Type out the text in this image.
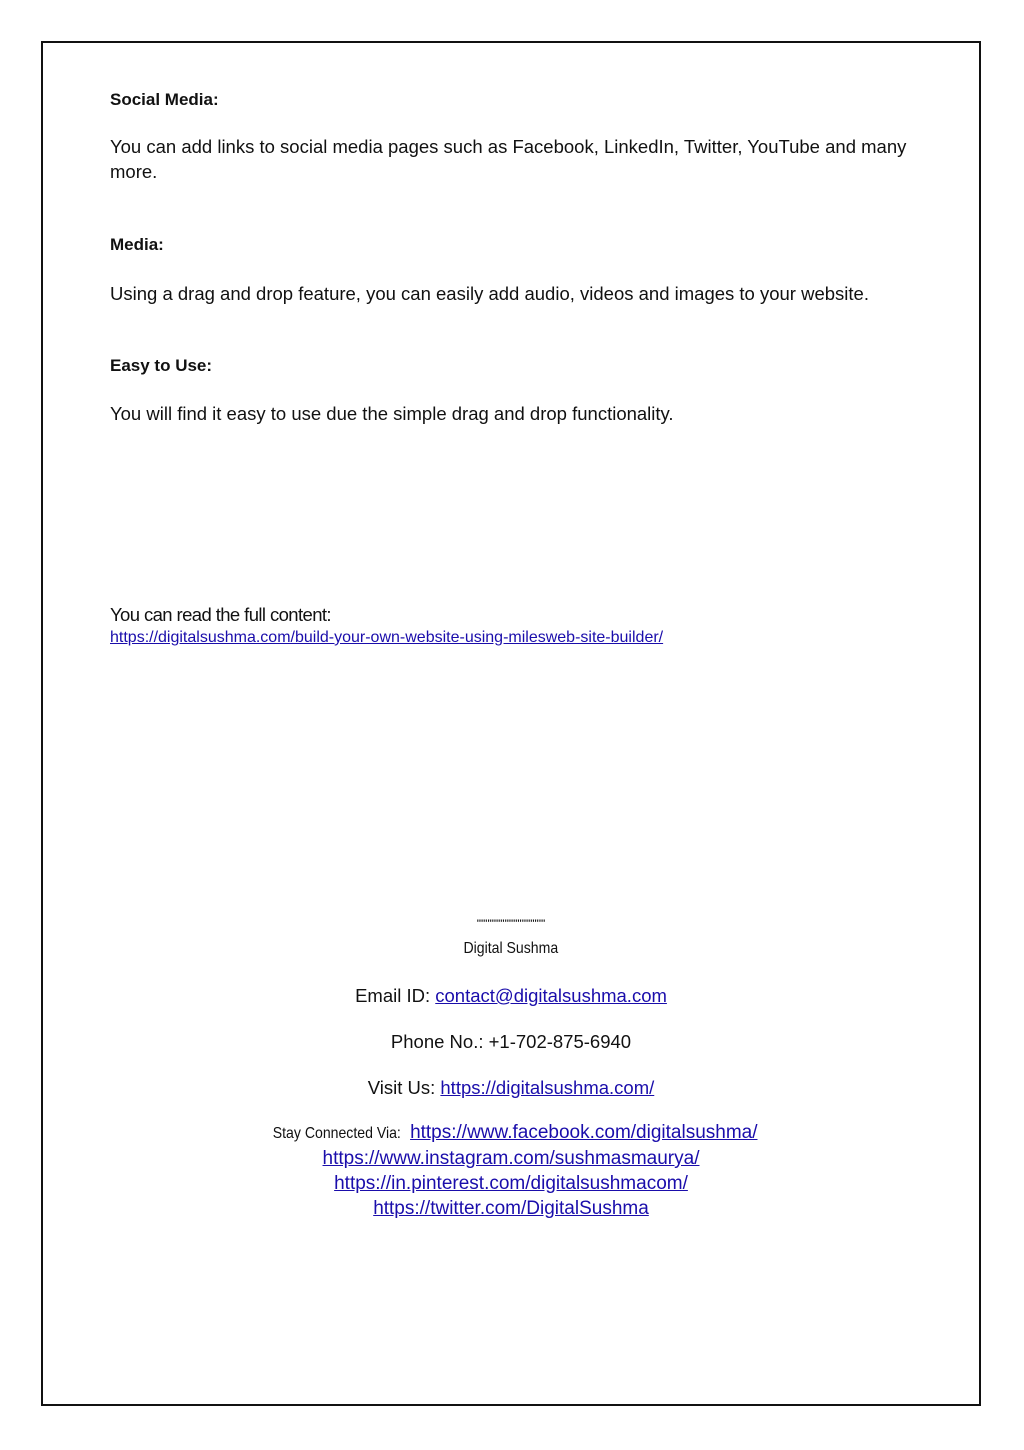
Social Media:
You can add links to social media pages such as Facebook, LinkedIn, Twitter, YouTube and many
more.
Media:
Using a drag and drop feature, you can easily add audio, videos and images to your website.
Easy to Use:
You will find it easy to use due the simple drag and drop functionality.
You can read the full content:
https://digitalsushma.com/build-your-own-website-using-milesweb-site-builder/
''''''''''''''''''''''''''''''''
Digital Sushma
Email ID: contact@digitalsushma.com
Phone No.: +1-702-875-6940
Visit Us: https://digitalsushma.com/
Stay Connected Via:https://www.facebook.com/digitalsushma/
https://www.instagram.com/sushmasmaurya/
https://in.pinterest.com/digitalsushmacom/
https://twitter.com/DigitalSushma
